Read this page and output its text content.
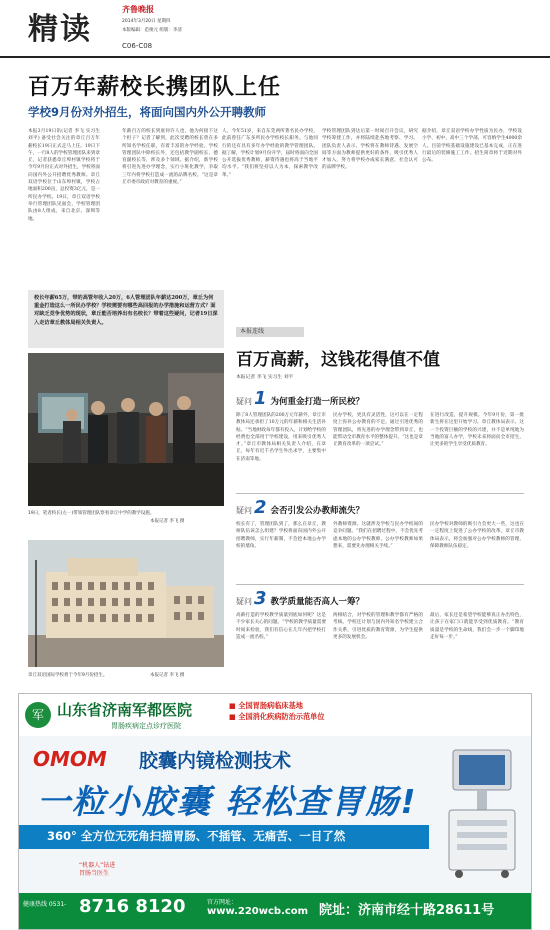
精读
齐鲁晚报
2014年3月20日 星期四
本版编辑：范俊元 组版：李清
C06-C08
百万年薪校长携团队上任
学校9月份对外招生，将面向国内外公开聘教师
本报3月19日讯(记者 李飞 实习生 刘平) 备受社会关注的章丘百万年薪校长19日正式走马上任。19日下午，一行8人的学校管理团队来到章丘，记者获悉章丘埠村镇学校将于今年9月份正式对外招生，学校将面向国内外公开招聘优秀教师。章丘双语学校位于山东埠村镇，学校占地面积200亩，总投资3亿元，是一所民办学校。19日，章丘双语学校举行管理团队见面会，学校管理团队由8人组成，来自北京、深圳等地。
年薪百万的校长到底何许人也，他为何接下这个担子？记者了解到，此次受聘的校长曾在多所知名学校任职，有着丰富的办学经验。学校管理团队中除校长外，还包括教学副校长、德育副校长等，涉及多个领域。据介绍，新学校将引进先进办学理念，实行小班化教学，争取三年内将学校打造成一流的品牌名校。“这是章丘市委市政府对教育的重视。”
人，今年51岁，来自东莞两所著名民办学校，此前曾任广东多所民办学校校长职务。与他同行的还有具有多年办学经验的教学管理团队。据了解，学校计划9月份开学，届时将面向全国公开选拔优秀教师，薪资待遇也将高于当地平均水平。“我们将坚持以人为本，探索教学改革。”
学校管理团队到达后第一时间召开会议，研究学校筹建工作，并将陆续赴各地考察、学习。团队负责人表示，学校将在教师待遇、发展空间等方面为教师提供更好的条件，吸引优秀人才加入，努力将学校办成家长满意、社会认可的品牌学校。
据介绍，章丘双语学校办学性质为民办，学校设小学、初中、高中三个学部，可容纳学生4000余人。目前学校基础设施建设已基本完成，正在进行最后的装修施工工作。招生简章将于近期对外公布。
校长年薪65万，带的高管年收入20万，6人管理团队年薪达200万，章丘为何重金打造这么一所民办学校？学校需要有哪些高回报的办学措施和运营方式？面对缺乏竞争优势的现状，章丘能否培养出有名校长？带着这些疑问，记者19日深入走访章丘教体局相关负责人。
19日，笔者校长(左一)带领管理团队察看章丘中学的教学设施。
本报记者 李飞 摄
章丘双语国际学校将于今年9月份招生。	本报记者 李飞 摄
本报连线
百万高薪，这钱花得值不值
本报记者 李飞 实习生 刘平
疑问 1 为何重金打造一所民校？
除了8人管理团队的200万元年薪外，章丘市教体局还承担了10万元的年薪和相关生活补贴。“当地财政每年都有投入，计划给学校的经费也全部用于学校建设，用来吸引优秀人才。”章丘市教体局相关负责人介绍，在章丘，每年有近千名学生外出求学，主要集中在济南等地。
民办学校，更具有灵活性，这可以在一定程度上弥补公办教育的不足。通过引进优秀的管理团队，将先进的办学理念带到章丘，也能带动全市教育水平的整体提升。“这也是章丘教育改革的一项尝试。”
在进行改造，提升规模。今年9月份，第一批新生将在这里开始学习。章丘教体局表示，这一个投资巨额的学校的兴建，并不是单纯地为当地的富人办学，学校未来将面向全市招生，让更多的学生享受优质教育。
疑问 2 会否引发公办教师流失？
校长有了，管理团队到了，那么在章丘，教师队伍该怎么组建？学校将面向国内外公开招聘教师，实行年薪制，不会挖本地公办学校的墙角。
外教师资源。这就涉及学校与民办学校间的竞争问题。“我们在招聘过程中，不会优先考虑本地的公办学校教师，公办学校教师如果想来，需要先办理相关手续。”
民办学校对教师的吸引力会更大一些，这也在一定程度上促进了公办学校的改革。章丘市教体局表示，将会加强对公办学校教师的管理，保障教师队伍稳定。
疑问 3 教学质量能否高人一筹？
高薪打造的学校教学质量到底如何呢？这是不少家长关心的问题。“学校的教学质量需要时间来检验，我们有信心在几年内把学校打造成一流名校。”
两相结合，对学校的管理和教学都有严格的考核。学校还计划与国内外知名学校建立合作关系，引进优质的教育资源，为学生提供更多的发展机会。
最后，家长还是希望学校能够真正办出特色，让孩子在家门口就能享受到优质教育。“教育质量是学校的生命线，我们会一步一个脚印地走好每一步。”
军 山东省济南军都医院
胃肠疾病定点诊疗医院
■ 全国胃肠病临床基地
■ 全国消化疾病防治示范单位
OMOM 胶囊内镜检测技术
一粒小胶囊 轻松查胃肠!
360° 全方位无死角扫描胃肠、不插管、无痛苦、一目了然
“机器人”钻进
胃肠当医生
健康热线 0531- 8716 8120	官方网址：
www.220wcb.com 院址：济南市经十路28611号
